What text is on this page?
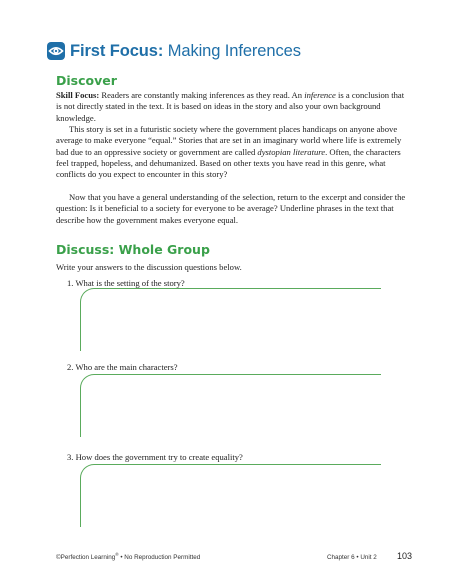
First Focus: Making Inferences
Discover
Skill Focus: Readers are constantly making inferences as they read. An inference is a conclusion that is not directly stated in the text. It is based on ideas in the story and also your own background knowledge.
This story is set in a futuristic society where the government places handicaps on anyone above average to make everyone “equal.” Stories that are set in an imaginary world where life is extremely bad due to an oppressive society or government are called dystopian literature. Often, the characters feel trapped, hopeless, and dehumanized. Based on other texts you have read in this genre, what conflicts do you expect to encounter in this story?
Now that you have a general understanding of the selection, return to the excerpt and consider the question: Is it beneficial to a society for everyone to be average? Underline phrases in the text that describe how the government makes everyone equal.
Discuss: Whole Group
Write your answers to the discussion questions below.
1. What is the setting of the story?
2. Who are the main characters?
3. How does the government try to create equality?
©Perfection Learning® • No Reproduction Permitted	Chapter 6 • Unit 2 103
